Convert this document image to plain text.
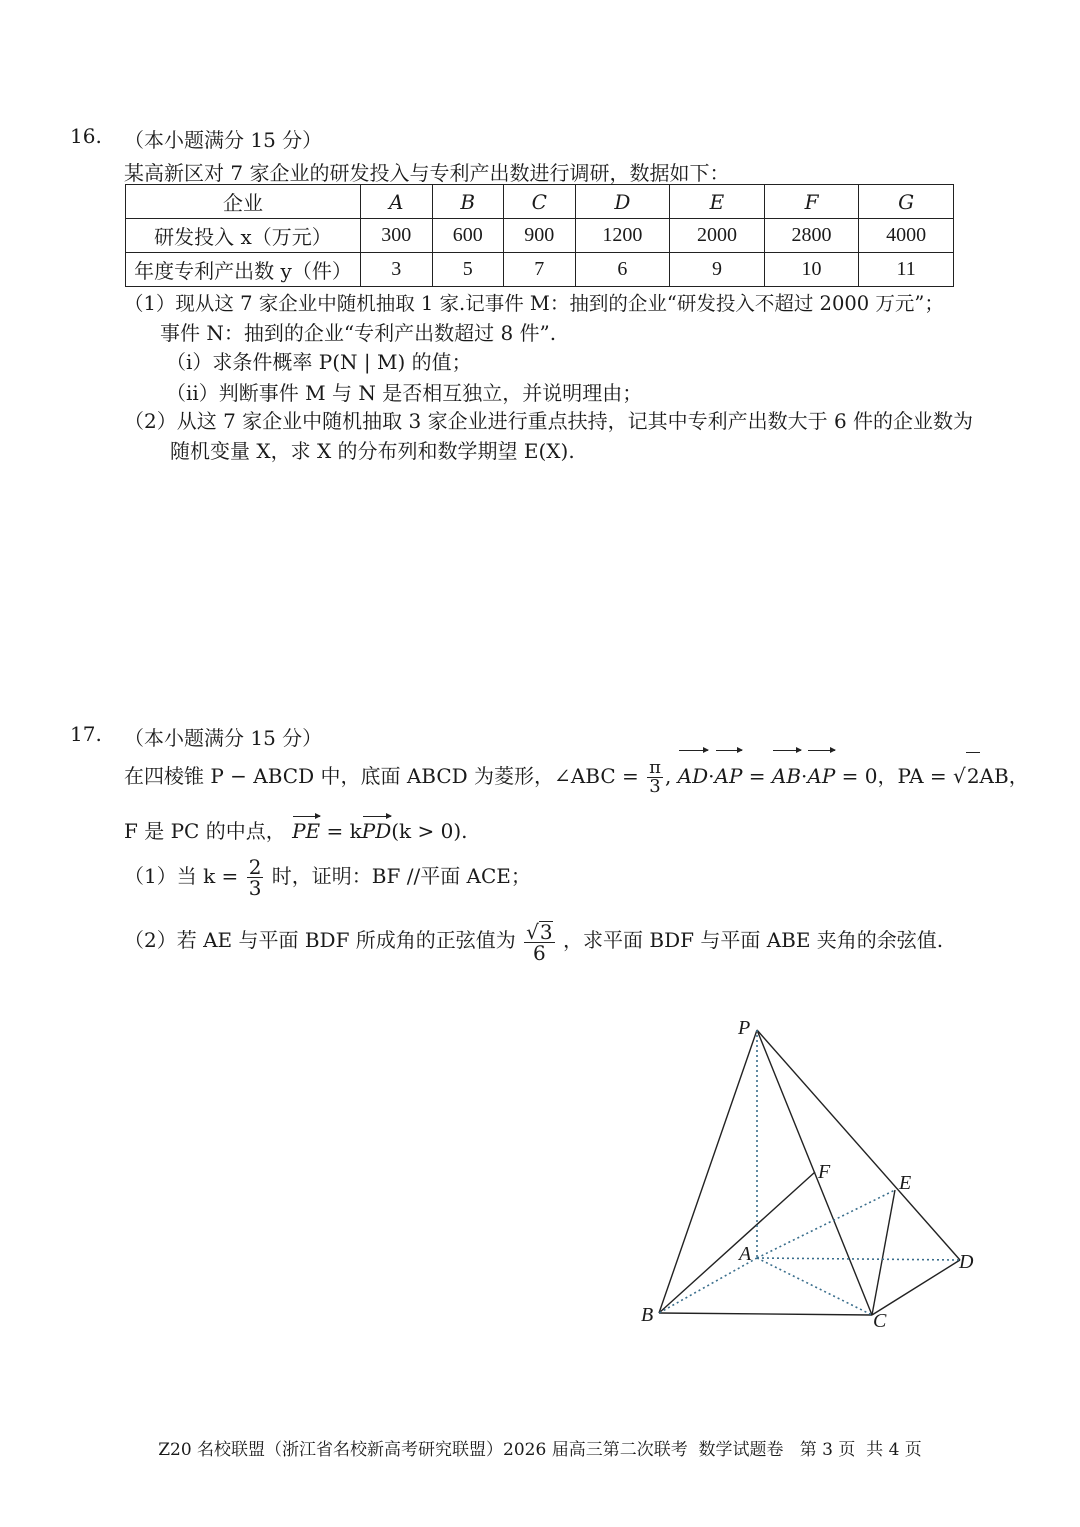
16. （本小题满分 15 分）
某高新区对 7 家企业的研发投入与专利产出数进行调研，数据如下：
企业	A	B	C	D	E	F	G
研发投入 x（万元）	300	600	900	1200	2000	2800	4000
年度专利产出数 y（件）	3	5	7	6	9	10	11
（1）现从这 7 家企业中随机抽取 1 家.记事件 M：抽到的企业“研发投入不超过 2000 万元”；
事件 N：抽到的企业“专利产出数超过 8 件”.
（i）求条件概率 P(N | M) 的值；
（ii）判断事件 M 与 N 是否相互独立，并说明理由；
（2）从这 7 家企业中随机抽取 3 家企业进行重点扶持，记其中专利产出数大于 6 件的企业数为
随机变量 X，求 X 的分布列和数学期望 E(X).
17. （本小题满分 15 分）
在四棱锥 P − ABCD 中，底面 ABCD 为菱形，∠ABC = $\frac{\pi}{3}$ , AD·AP = AB·AP = 0，PA = √2AB，
F 是 PC 的中点， PE = kPD(k > 0).
（1）当 $k = \frac{2}{3}$ 时，证明：BF //平面 ACE；
（2）若 AE 与平面 BDF 所成角的正弦值为 $\frac{√3}{6}$ ，求平面 BDF 与平面 ABE 夹角的余弦值.
P
F	E
A	D
B	C
Z20 名校联盟（浙江省名校新高考研究联盟）2026 届高三第二次联考  数学试题卷   第 3 页  共 4 页
